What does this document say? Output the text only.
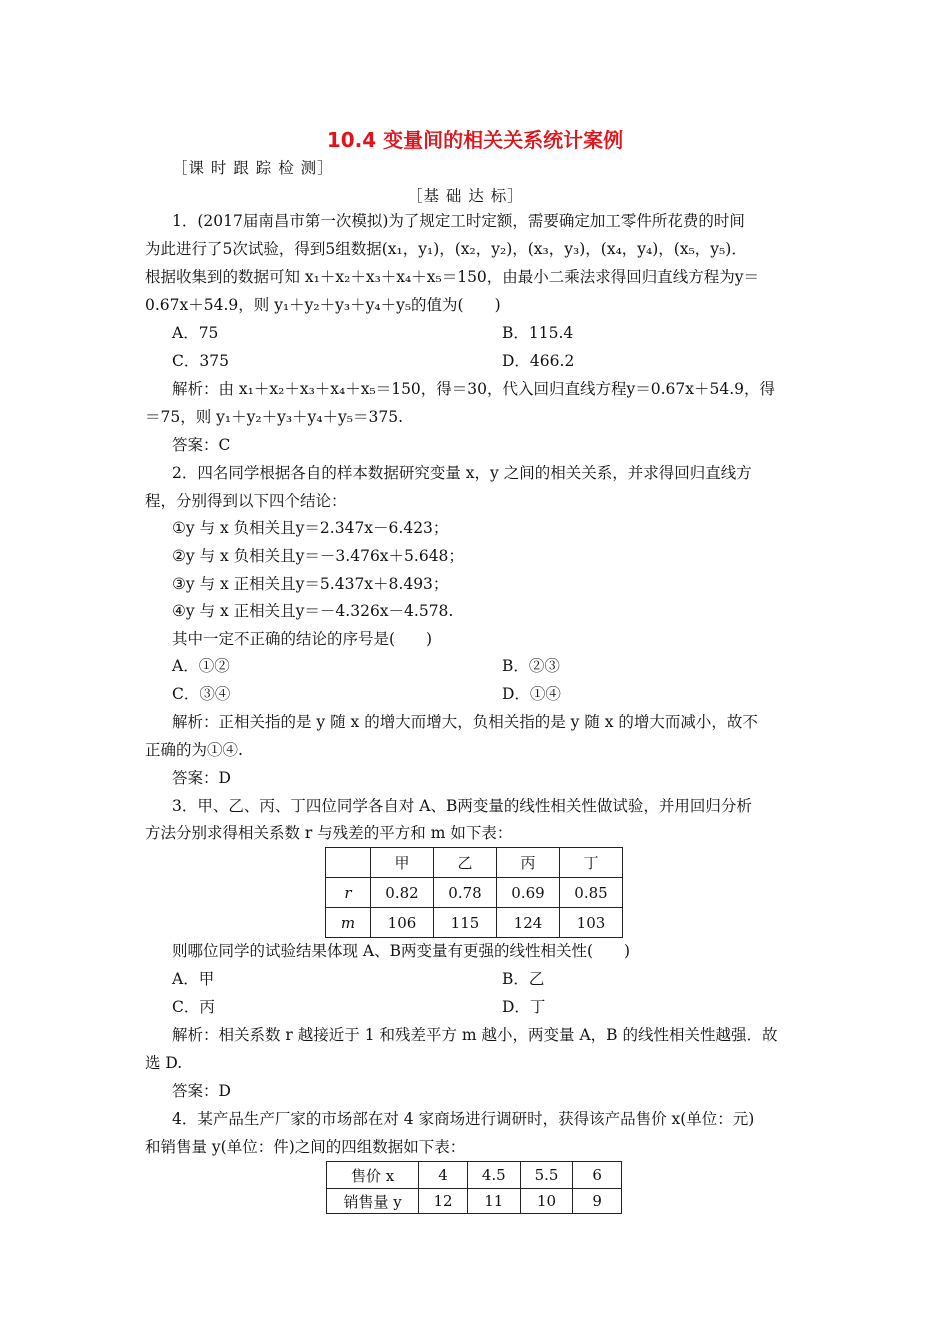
10.4 变量间的相关关系统计案例
［课 时 跟 踪 检 测］
［基 础 达 标］
1．(2017届南昌市第一次模拟)为了规定工时定额，需要确定加工零件所花费的时间
为此进行了5次试验，得到5组数据(x₁，y₁)，(x₂，y₂)，(x₃，y₃)，(x₄，y₄)，(x₅，y₅)．
根据收集到的数据可知 x₁＋x₂＋x₃＋x₄＋x₅＝150，由最小二乘法求得回归直线方程为y＝
0.67x＋54.9，则 y₁＋y₂＋y₃＋y₄＋y₅的值为(　　)
A．75	B．115.4
C．375	D．466.2
解析：由 x₁＋x₂＋x₃＋x₄＋x₅＝150，得＝30，代入回归直线方程y＝0.67x＋54.9，得
＝75，则 y₁＋y₂＋y₃＋y₄＋y₅＝375.
答案：C
2．四名同学根据各自的样本数据研究变量 x，y 之间的相关关系，并求得回归直线方
程，分别得到以下四个结论：
①y 与 x 负相关且y＝2.347x－6.423；
②y 与 x 负相关且y＝－3.476x＋5.648；
③y 与 x 正相关且y＝5.437x＋8.493；
④y 与 x 正相关且y＝－4.326x－4.578.
其中一定不正确的结论的序号是(　　)
A．①②	B．②③
C．③④	D．①④
解析：正相关指的是 y 随 x 的增大而增大，负相关指的是 y 随 x 的增大而减小，故不
正确的为①④.
答案：D
3．甲、乙、丙、丁四位同学各自对 A、B两变量的线性相关性做试验，并用回归分析
方法分别求得相关系数 r 与残差的平方和 m 如下表：
	甲	乙	丙	丁
r	0.82	0.78	0.69	0.85
m	106	115	124	103
则哪位同学的试验结果体现 A、B两变量有更强的线性相关性(　　)
A．甲	B．乙
C．丙	D．丁
解析：相关系数 r 越接近于 1 和残差平方 m 越小，两变量 A，B 的线性相关性越强．故
选 D.
答案：D
4．某产品生产厂家的市场部在对 4 家商场进行调研时，获得该产品售价 x(单位：元)
和销售量 y(单位：件)之间的四组数据如下表：
售价 x	4	4.5	5.5	6
销售量 y	12	11	10	9
